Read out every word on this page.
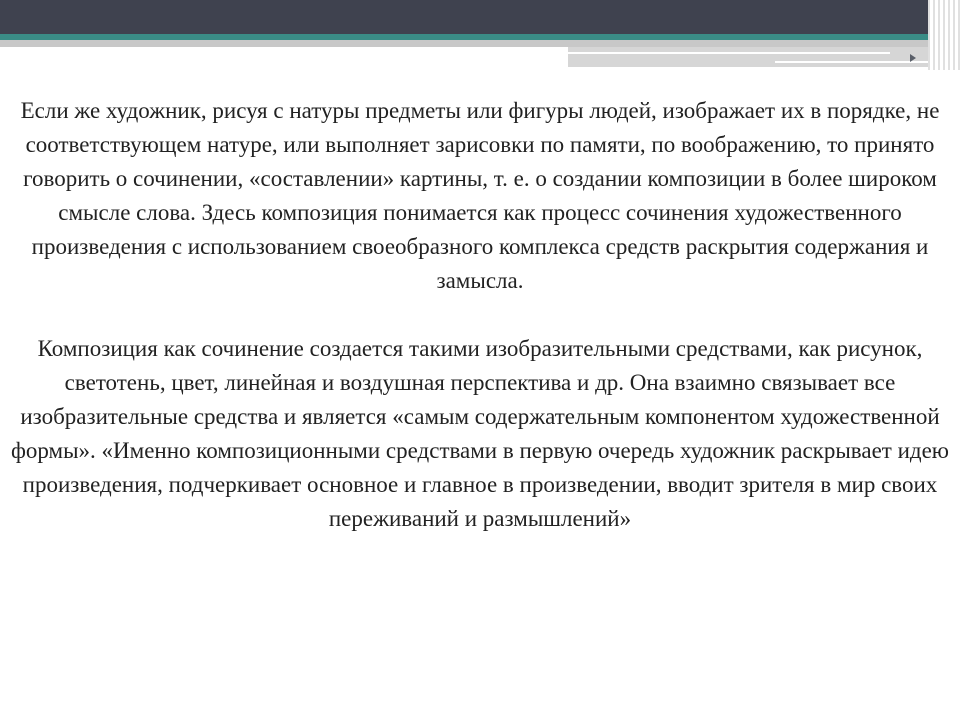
Если же художник, рисуя с натуры предметы или фигуры людей, изображает их в порядке, не соответствующем натуре, или выполняет зарисовки по памяти, по воображению, то принято говорить о сочинении, «составлении» картины, т. е. о создании композиции в более широком смысле слова. Здесь композиция понимается как процесс сочинения художественного произведения с использованием своеобразного комплекса средств раскрытия содержания и замысла.

Композиция как сочинение создается такими изобразительными средствами, как рисунок, светотень, цвет, линейная и воздушная перспектива и др. Она взаимно связывает все изобразительные средства и является «самым содержательным компонентом художественной формы». «Именно композиционными средствами в первую очередь художник раскрывает идею произведения, подчеркивает основное и главное в произведении, вводит зрителя в мир своих переживаний и размышлений»
